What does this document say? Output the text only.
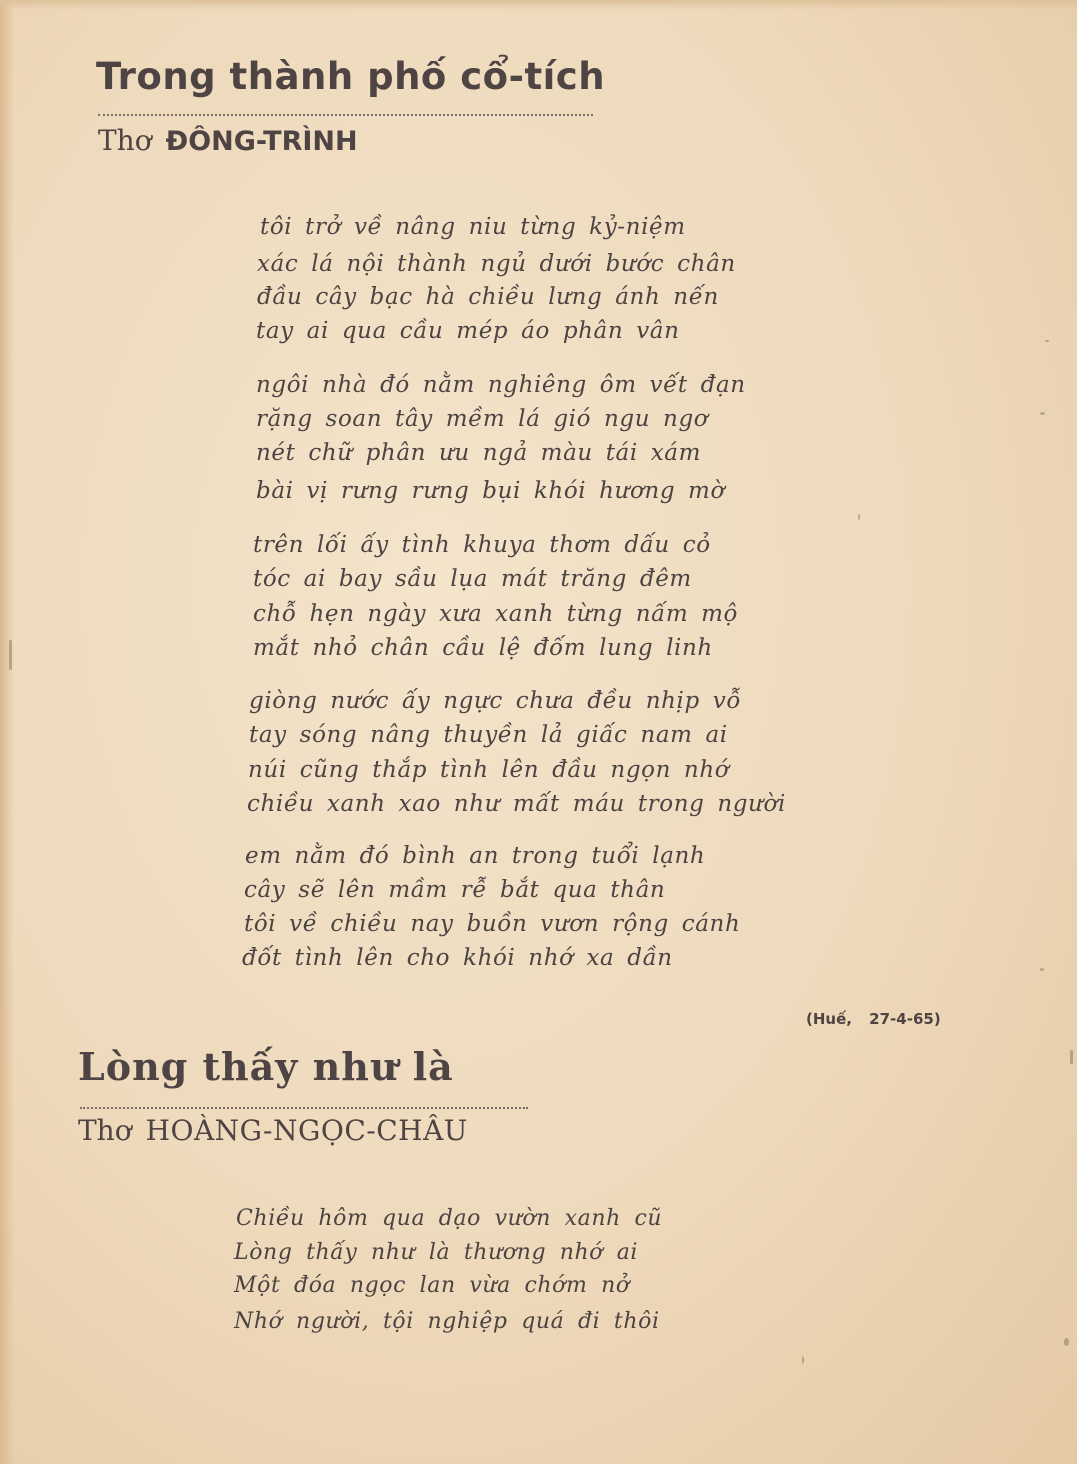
Trong thành phố cổ-tích
Thơ ĐÔNG-TRÌNH
tôi trở về nâng niu từng kỷ-niệm
xác lá nội thành ngủ dưới bước chân
đầu cây bạc hà chiều lưng ánh nến
tay ai qua cầu mép áo phân vân
ngôi nhà đó nằm nghiêng ôm vết đạn
rặng soan tây mềm lá gió ngu ngơ
nét chữ phân ưu ngả màu tái xám
bài vị rưng rưng bụi khói hương mờ
trên lối ấy tình khuya thơm dấu cỏ
tóc ai bay sầu lụa mát trăng đêm
chỗ hẹn ngày xưa xanh từng nấm mộ
mắt nhỏ chân cầu lệ đốm lung linh
giòng nước ấy ngực chưa đều nhịp vỗ
tay sóng nâng thuyền lả giấc nam ai
núi cũng thắp tình lên đầu ngọn nhớ
chiều xanh xao như mất máu trong người
em nằm đó bình an trong tuổi lạnh
cây sẽ lên mầm rễ bắt qua thân
tôi về chiều nay buồn vươn rộng cánh
đốt tình lên cho khói nhớ xa dần
(Huế, 27-4-65)
Lòng thấy như là
Thơ HOÀNG-NGỌC-CHÂU
Chiều hôm qua dạo vườn xanh cũ
Lòng thấy như là thương nhớ ai
Một đóa ngọc lan vừa chớm nở
Nhớ người, tội nghiệp quá đi thôi
